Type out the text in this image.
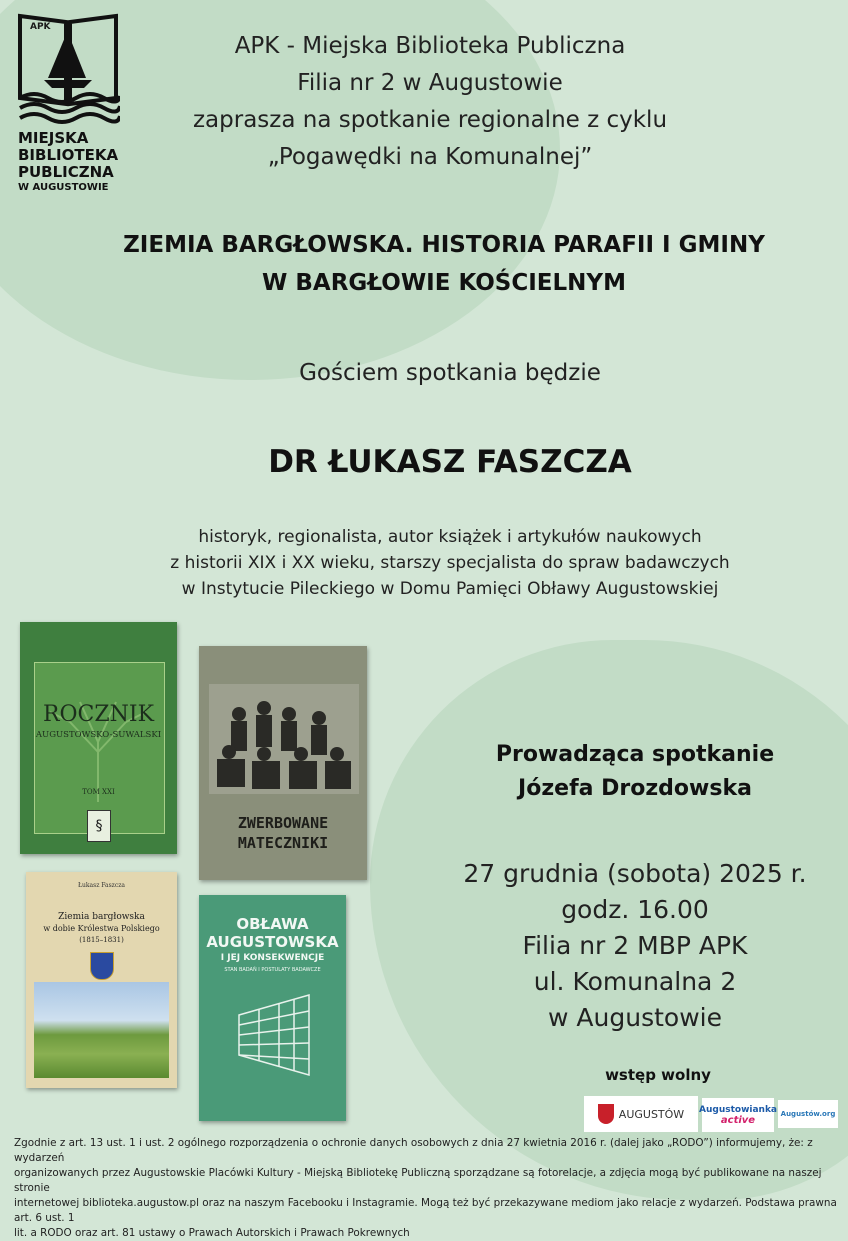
APK
MIEJSKA
BIBLIOTEKA
PUBLICZNA
W AUGUSTOWIE
APK - Miejska Biblioteka Publiczna
Filia nr 2 w Augustowie
zaprasza na spotkanie regionalne z cyklu
„Pogawędki na Komunalnej”
ZIEMIA BARGŁOWSKA. HISTORIA PARAFII I GMINY
W BARGŁOWIE KOŚCIELNYM
Gościem spotkania będzie
DR ŁUKASZ FASZCZA
historyk, regionalista, autor książek i artykułów naukowych
z historii XIX i XX wieku, starszy specjalista do spraw badawczych
w Instytucie Pileckiego w Domu Pamięci Obławy Augustowskiej
ROCZNIK
AUGUSTOWSKO-SUWALSKI
TOM XXI
§
	ZWERBOWANE
MATECZNIKI
Łukasz Faszcza
Ziemia bargłowska
w dobie Królestwa Polskiego
(1815–1831)
OBŁAWA
AUGUSTOWSKA
I JEJ KONSEKWENCJE
STAN BADAŃ I POSTULATY BADAWCZE
Prowadząca spotkanie
Józefa Drozdowska
27 grudnia (sobota) 2025 r.
godz. 16.00
Filia nr 2 MBP APK
ul. Komunalna 2
w Augustowie
wstęp wolny
AUGUSTÓW Augustowianka
active
Augustów.org
Zgodnie z art. 13 ust. 1 i ust. 2 ogólnego rozporządzenia o ochronie danych osobowych z dnia 27 kwietnia 2016 r. (dalej jako „RODO”) informujemy, że: z wydarzeń
organizowanych przez Augustowskie Placówki Kultury - Miejską Bibliotekę Publiczną sporządzane są fotorelacje, a zdjęcia mogą być publikowane na naszej stronie
internetowej biblioteka.augustow.pl oraz na naszym Facebooku i Instagramie. Mogą też być przekazywane mediom jako relacje z wydarzeń. Podstawa prawna art. 6 ust. 1
lit. a RODO oraz art. 81 ustawy o Prawach Autorskich i Prawach Pokrewnych
